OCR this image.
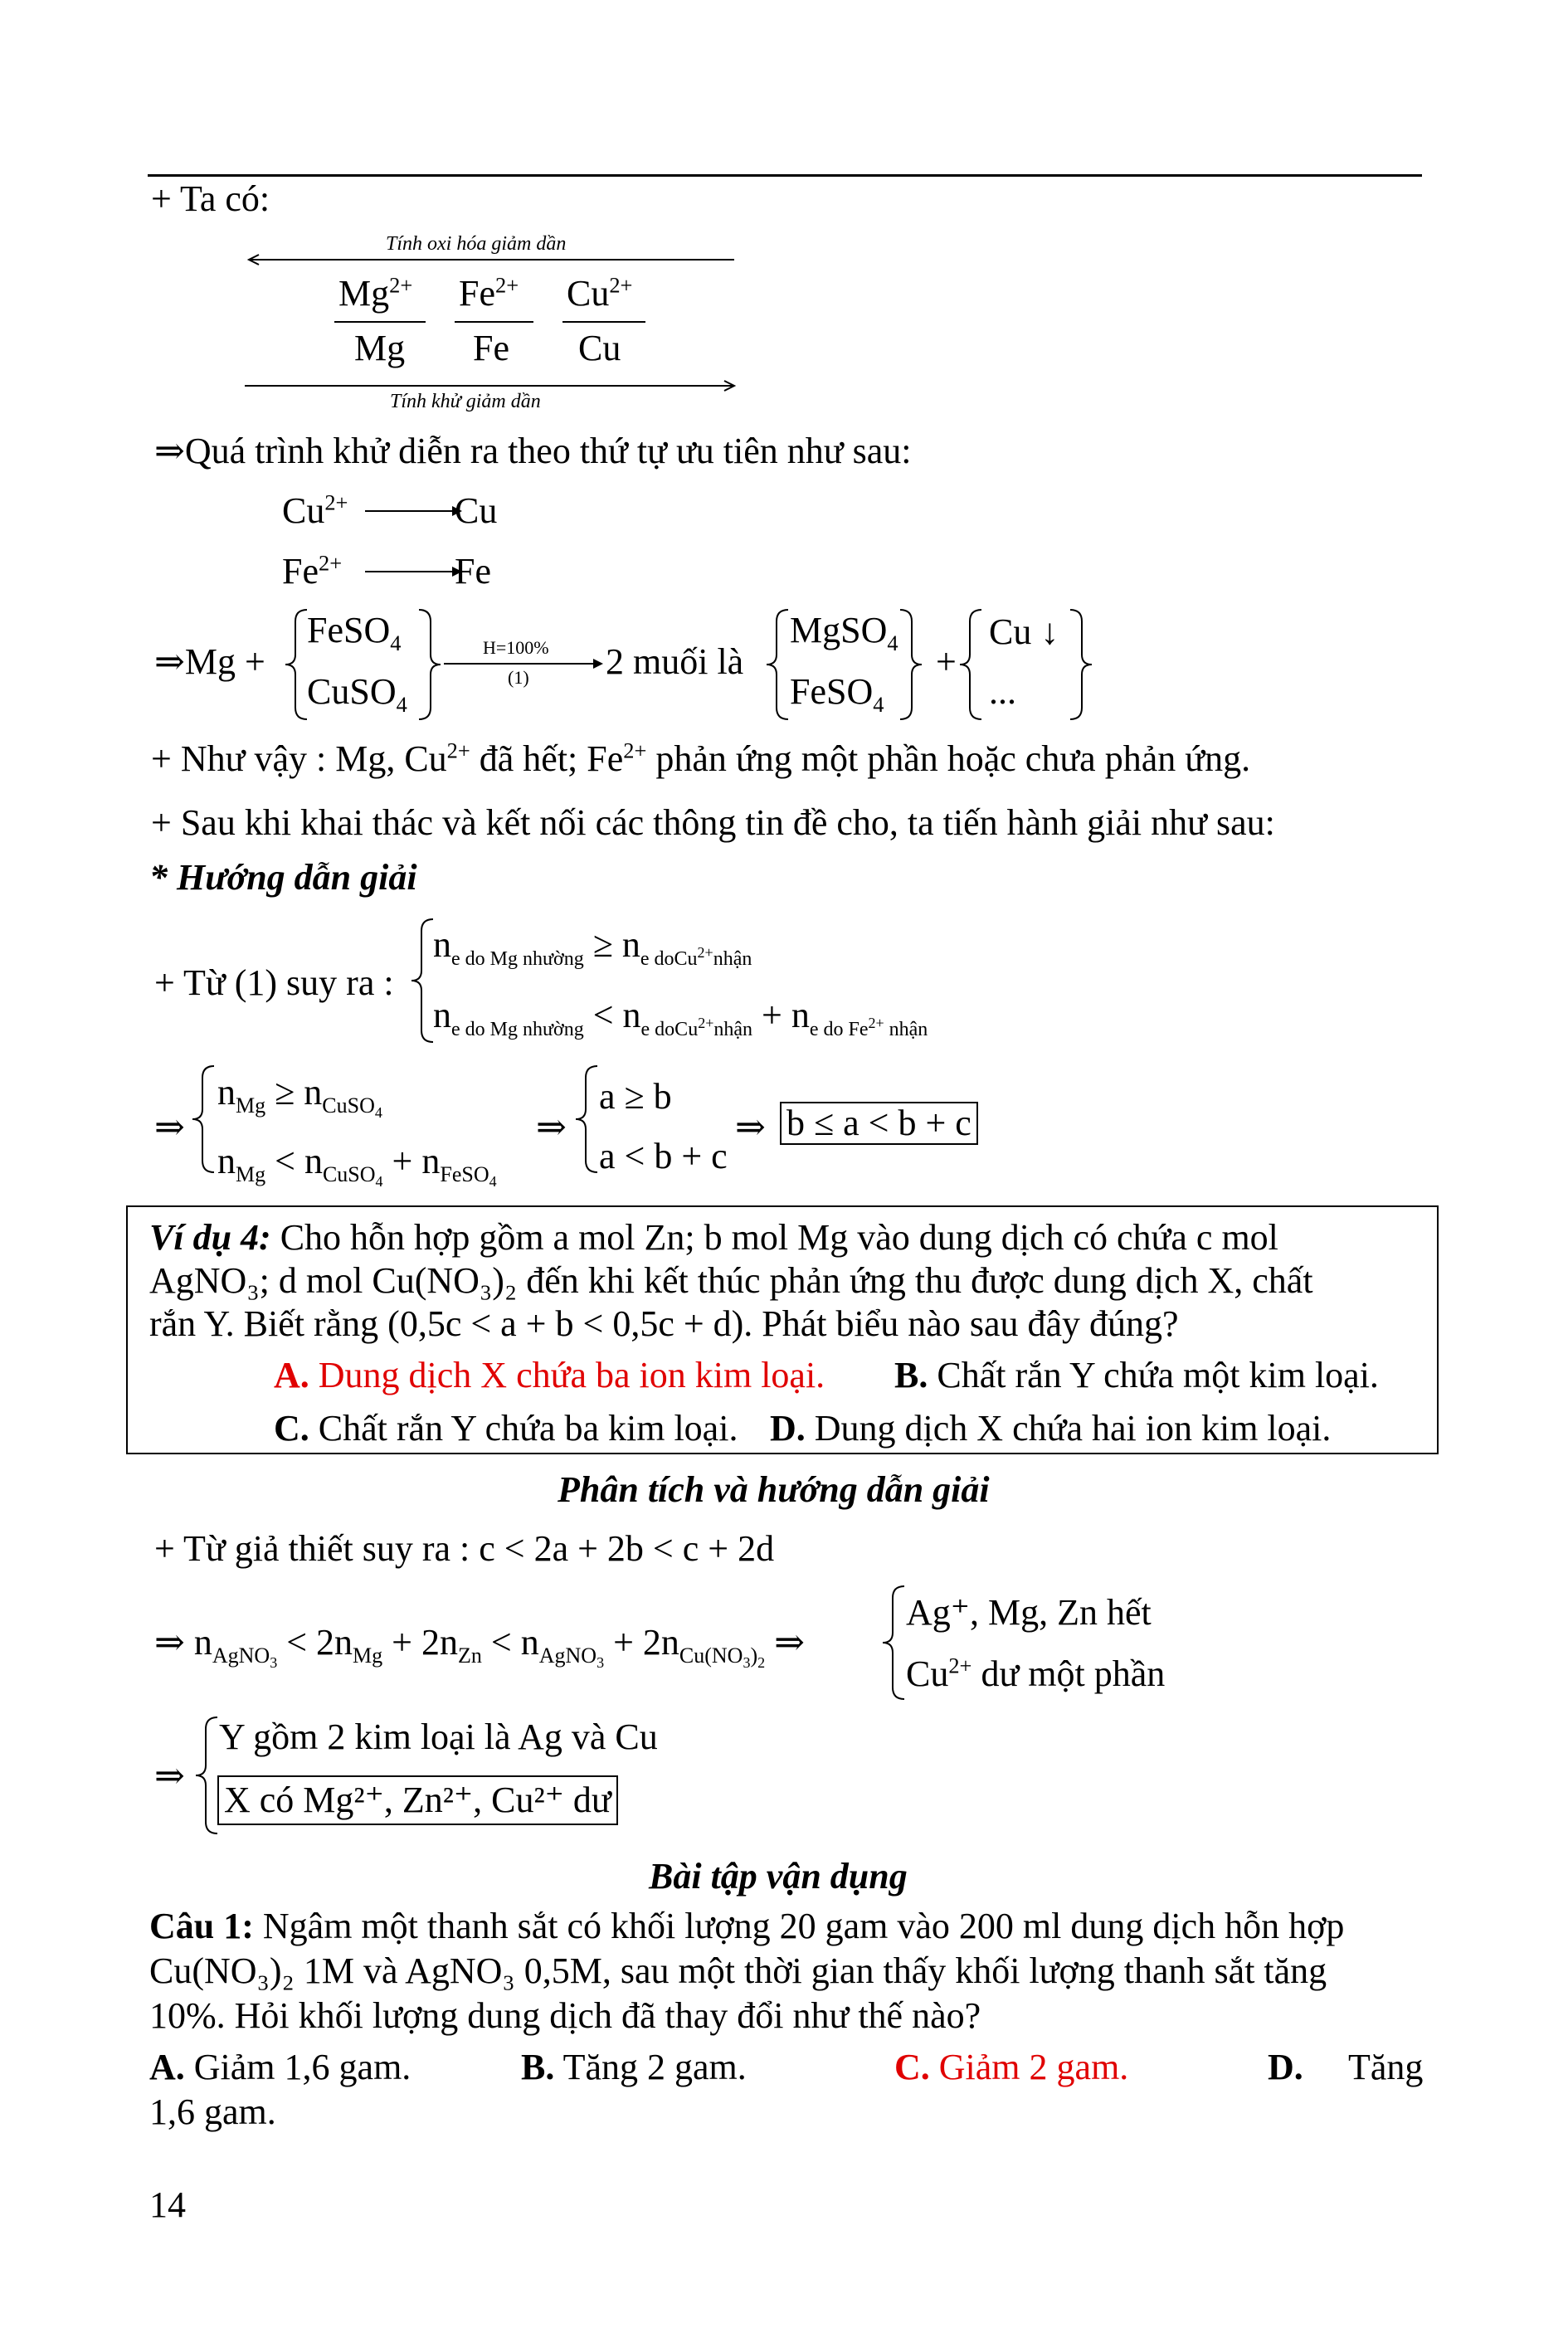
+ Ta có:
Tính oxi hóa giảm dần
Tính khử giảm dần
$Mg^{2+}$ $Fe^{2+}$ $Cu^{2+}$
Mg Fe Cu
⇒Quá trình khử diễn ra theo thứ tự ưu tiên như sau:
$Cu^{2+}$	Cu
$Fe^{2+}$	Fe
⇒Mg +
FeSO$_4$
CuSO$_4$
H=100%
(1) 2 muối là
MgSO$_4$
FeSO$_4$
+
Cu ↓
...
+ Như vậy : Mg, $Cu^{2+}$ đã hết; $Fe^{2+}$ phản ứng một phần hoặc chưa phản ứng.
+ Sau khi khai thác và kết nối các thông tin đề cho, ta tiến hành giải như sau:
* Hướng dẫn giải
+ Từ (1) suy ra :
$n_{e do Mg nhường} \ge n_{e doCu^{2+}nhận}$
$n_{e do Mg nhường} < n_{e doCu^{2+}nhận} + n_{e do Fe^{2+} nhận}$
⇒
$n_{Mg} \ge n_{CuSO_4}$
$n_{Mg} < n_{CuSO_4} + n_{FeSO_4}$
⇒
a ≥ b
a < b + c
⇒ b ≤ a < b + c
Ví dụ 4: Cho hỗn hợp gồm a mol Zn; b mol Mg vào dung dịch có chứa c mol
AgNO₃; d mol Cu(NO₃)₂ đến khi kết thúc phản ứng thu được dung dịch X, chất
rắn Y. Biết rằng (0,5c < a + b < 0,5c + d). Phát biểu nào sau đây đúng?
A. Dung dịch X chứa ba ion kim loại. B. Chất rắn Y chứa một kim loại.
C. Chất rắn Y chứa ba kim loại. D. Dung dịch X chứa hai ion kim loại.
Phân tích và hướng dẫn giải
+ Từ giả thiết suy ra : c < 2a + 2b < c + 2d
⇒ $n_{AgNO_3} < 2n_{Mg} + 2n_{Zn} < n_{AgNO_3} + 2n_{Cu(NO_3)_2}$ ⇒
Ag⁺, Mg, Zn hết
$Cu^{2+}$ dư một phần
⇒
Y gồm 2 kim loại là Ag và Cu
X có Mg²⁺, Zn²⁺, Cu²⁺ dư
Bài tập vận dụng
Câu 1: Ngâm một thanh sắt có khối lượng 20 gam vào 200 ml dung dịch hỗn hợp
Cu(NO₃)₂ 1M và AgNO₃ 0,5M, sau một thời gian thấy khối lượng thanh sắt tăng
10%. Hỏi khối lượng dung dịch đã thay đổi như thế nào?
A. Giảm 1,6 gam.	B. Tăng 2 gam.	C. Giảm 2 gam.	D. Tăng
1,6 gam.
14
